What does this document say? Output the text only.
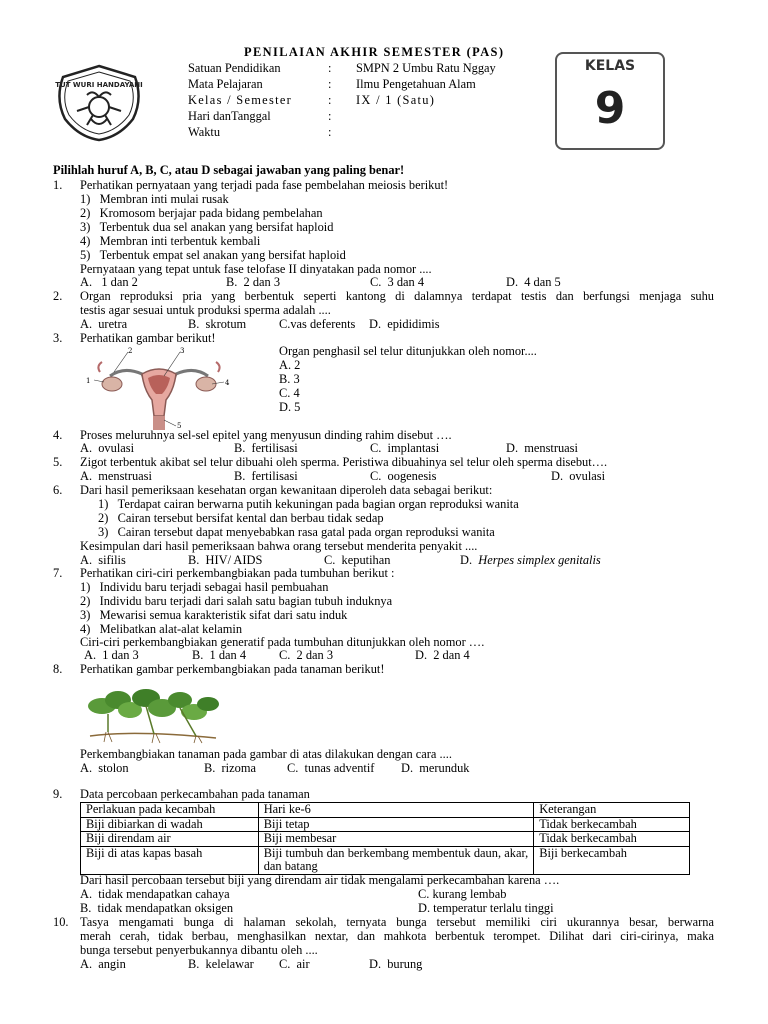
PENILAIAN AKHIR SEMESTER (PAS)
TUT WURI HANDAYANI
Satuan Pendidikan	: SMPN 2 Umbu Ratu Nggay
Mata Pelajaran	: Ilmu Pengetahuan Alam
Kelas / Semester	: IX / 1 (Satu)
Hari danTanggal	:
Waktu	:
KELAS
9
Pilihlah huruf A, B, C, atau D sebagai jawaban yang paling benar!
1. Perhatikan pernyataan yang terjadi pada fase pembelahan meiosis berikut!
1)   Membran inti mulai rusak
2)   Kromosom berjajar pada bidang pembelahan
3)   Terbentuk dua sel anakan yang bersifat haploid
4)   Membran inti terbentuk kembali
5)   Terbentuk empat sel anakan yang bersifat haploid
Pernyataan yang tepat untuk fase telofase II dinyatakan pada nomor ....
A.   1 dan 2	B.  2 dan 3	C.  3 dan 4	D.  4 dan 5
2. Organ reproduksi pria yang berbentuk seperti kantong di dalamnya terdapat testis dan berfungsi menjaga suhu
testis agar sesuai untuk produksi sperma adalah ....
A.  uretra	B.  skrotum	C.vas deferents D.  epididimis
3. Perhatikan gambar berikut!
1
2	3
4
5
Organ penghasil sel telur ditunjukkan oleh nomor....
A. 2
B. 3
C. 4
D. 5
4. Proses meluruhnya sel-sel epitel yang menyusun dinding rahim disebut ….
A.  ovulasi	B.  fertilisasi	C.  implantasi	D.  menstruasi
5. Zigot terbentuk akibat sel telur dibuahi oleh sperma. Peristiwa dibuahinya sel telur oleh sperma disebut….
A.  menstruasi	B.  fertilisasi	C.  oogenesis	D.  ovulasi
6. Dari hasil pemeriksaan kesehatan organ kewanitaan diperoleh data sebagai berikut:
1)   Terdapat cairan berwarna putih kekuningan pada bagian organ reproduksi wanita
2)   Cairan tersebut bersifat kental dan berbau tidak sedap
3)   Cairan tersebut dapat menyebabkan rasa gatal pada organ reproduksi wanita
Kesimpulan dari hasil pemeriksaan bahwa orang tersebut menderita penyakit ....
A.  sifilis	B.  HIV/ AIDS	C.  keputihan	D.  Herpes simplex genitalis
7. Perhatikan ciri-ciri perkembangbiakan pada tumbuhan berikut :
1)   Individu baru terjadi sebagai hasil pembuahan
2)   Individu baru terjadi dari salah satu bagian tubuh induknya
3)   Mewarisi semua karakteristik sifat dari satu induk
4)   Melibatkan alat-alat kelamin
Ciri-ciri perkembangbiakan generatif pada tumbuhan ditunjukkan oleh nomor ….
A.  1 dan 3	B.  1 dan 4	C.  2 dan 3	D.  2 dan 4
8. Perhatikan gambar perkembangbiakan pada tanaman berikut!
Perkembangbiakan tanaman pada gambar di atas dilakukan dengan cara ....
A.  stolon	B.  rizoma	C.  tunas adventif D.  merunduk
9. Data percobaan perkecambahan pada tanaman
Perlakuan pada kecambah	Hari ke-6	Keterangan
Biji dibiarkan di wadah	Biji tetap	Tidak berkecambah
Biji direndam air	Biji membesar	Tidak berkecambah
Biji di atas kapas basah	Biji tumbuh dan berkembang membentuk daun, akar, dan batang	Biji berkecambah
Dari hasil percobaan tersebut biji yang direndam air tidak mengalami perkecambahan karena ….
A.  tidak mendapatkan cahaya	C. kurang lembab
B.  tidak mendapatkan oksigen	D. temperatur terlalu tinggi
10. Tasya mengamati bunga di halaman sekolah, ternyata bunga tersebut memiliki ciri ukurannya besar, berwarna
merah cerah, tidak berbau, menghasilkan nextar, dan mahkota berbentuk terompet. Dilihat dari ciri-cirinya, maka
bunga tersebut penyerbukannya dibantu oleh ....
A.  angin	B.  kelelawar C.  air	D.  burung
